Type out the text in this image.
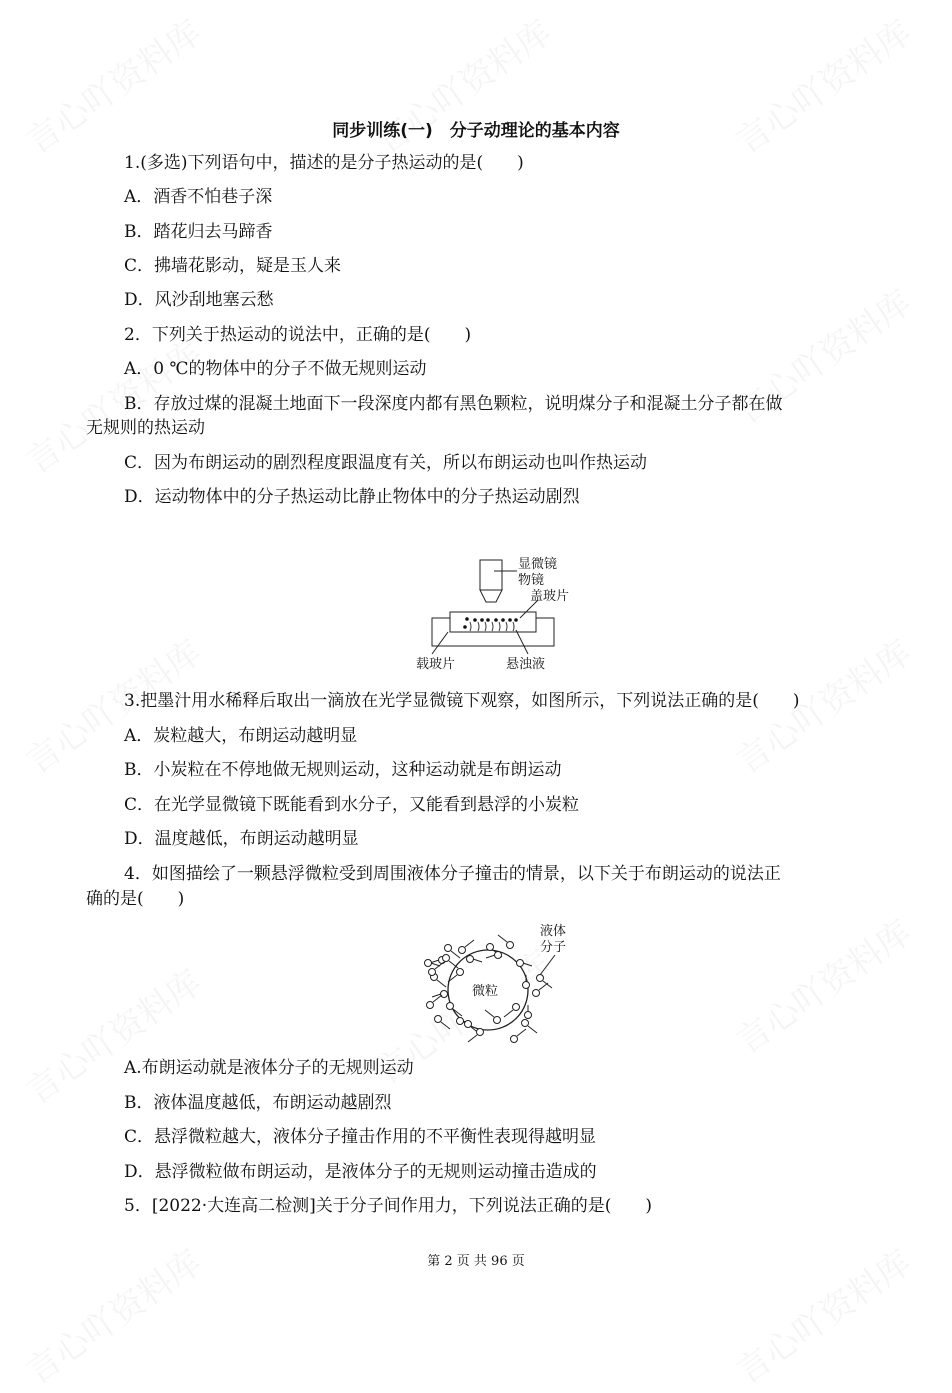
同步训练(一)　分子动理论的基本内容
1.(多选)下列语句中，描述的是分子热运动的是(　　)
A．酒香不怕巷子深
B．踏花归去马蹄香
C．拂墙花影动，疑是玉人来
D．风沙刮地塞云愁
2．下列关于热运动的说法中，正确的是(　　)
A．0 ℃的物体中的分子不做无规则运动
B．存放过煤的混凝土地面下一段深度内都有黑色颗粒，说明煤分子和混凝土分子都在做
无规则的热运动
C．因为布朗运动的剧烈程度跟温度有关，所以布朗运动也叫作热运动
D．运动物体中的分子热运动比静止物体中的分子热运动剧烈
显微镜
物镜
盖玻片
载玻片	悬浊液
3.把墨汁用水稀释后取出一滴放在光学显微镜下观察，如图所示，下列说法正确的是(　　)
A．炭粒越大，布朗运动越明显
B．小炭粒在不停地做无规则运动，这种运动就是布朗运动
C．在光学显微镜下既能看到水分子，又能看到悬浮的小炭粒
D．温度越低，布朗运动越明显
4．如图描绘了一颗悬浮微粒受到周围液体分子撞击的情景，以下关于布朗运动的说法正
确的是(　　)
微粒
液体
分子
A.布朗运动就是液体分子的无规则运动
B．液体温度越低，布朗运动越剧烈
C．悬浮微粒越大，液体分子撞击作用的不平衡性表现得越明显
D．悬浮微粒做布朗运动，是液体分子的无规则运动撞击造成的
5．[2022·大连高二检测]关于分子间作用力，下列说法正确的是(　　)
第 2 页 共 96 页
